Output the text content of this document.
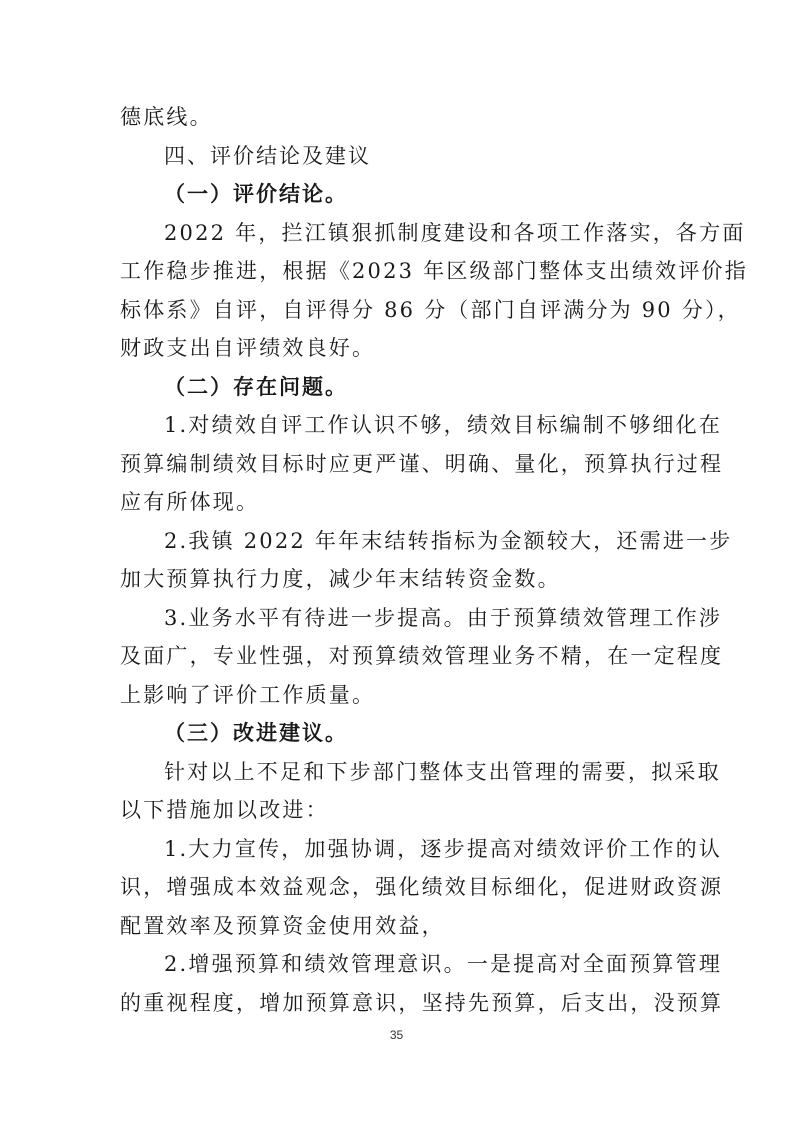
德底线。
四、评价结论及建议
（一）评价结论。
2022 年，拦江镇狠抓制度建设和各项工作落实，各方面
工作稳步推进，根据《2023 年区级部门整体支出绩效评价指
标体系》自评，自评得分 86 分（部门自评满分为 90 分），
财政支出自评绩效良好。
（二）存在问题。
1.对绩效自评工作认识不够，绩效目标编制不够细化在
预算编制绩效目标时应更严谨、明确、量化，预算执行过程
应有所体现。
2.我镇 2022 年年末结转指标为金额较大，还需进一步
加大预算执行力度，减少年末结转资金数。
3.业务水平有待进一步提高。由于预算绩效管理工作涉
及面广，专业性强，对预算绩效管理业务不精，在一定程度
上影响了评价工作质量。
（三）改进建议。
针对以上不足和下步部门整体支出管理的需要，拟采取
以下措施加以改进：
1.大力宣传，加强协调，逐步提高对绩效评价工作的认
识，增强成本效益观念，强化绩效目标细化，促进财政资源
配置效率及预算资金使用效益，
2.增强预算和绩效管理意识。一是提高对全面预算管理
的重视程度，增加预算意识，坚持先预算，后支出，没预算
35
